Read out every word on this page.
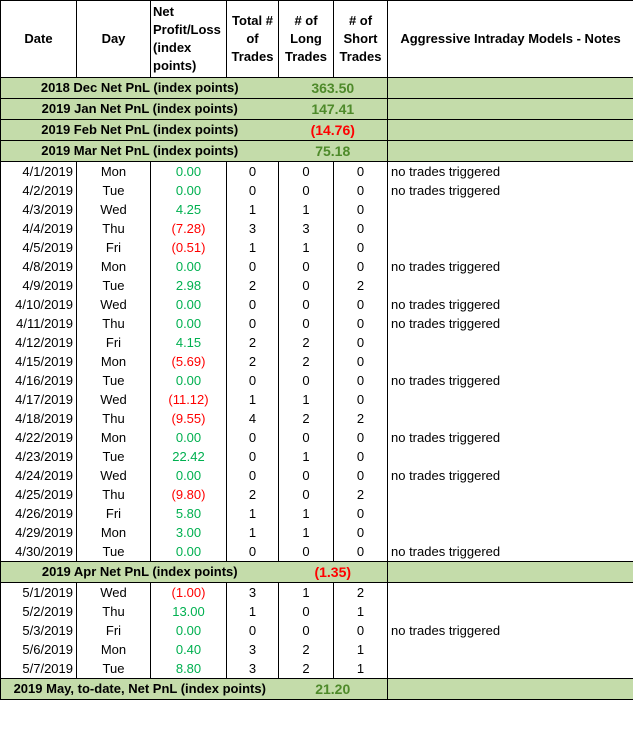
Date	Day	Net Profit/Loss (index points)	Total # of Trades	# of Long Trades	# of Short Trades	Aggressive Intraday Models - Notes
2018 Dec Net PnL (index points)				363.50		
2019 Jan Net PnL (index points)				147.41		
2019 Feb Net PnL (index points)				(14.76)		
2019 Mar Net PnL (index points)				75.18		
4/1/2019	Mon	0.00	0	0	0	no trades triggered
4/2/2019	Tue	0.00	0	0	0	no trades triggered
4/3/2019	Wed	4.25	1	1	0	
4/4/2019	Thu	(7.28)	3	3	0	
4/5/2019	Fri	(0.51)	1	1	0	
4/8/2019	Mon	0.00	0	0	0	no trades triggered
4/9/2019	Tue	2.98	2	0	2	
4/10/2019	Wed	0.00	0	0	0	no trades triggered
4/11/2019	Thu	0.00	0	0	0	no trades triggered
4/12/2019	Fri	4.15	2	2	0	
4/15/2019	Mon	(5.69)	2	2	0	
4/16/2019	Tue	0.00	0	0	0	no trades triggered
4/17/2019	Wed	(11.12)	1	1	0	
4/18/2019	Thu	(9.55)	4	2	2	
4/22/2019	Mon	0.00	0	0	0	no trades triggered
4/23/2019	Tue	22.42	0	1	0	
4/24/2019	Wed	0.00	0	0	0	no trades triggered
4/25/2019	Thu	(9.80)	2	0	2	
4/26/2019	Fri	5.80	1	1	0	
4/29/2019	Mon	3.00	1	1	0	
4/30/2019	Tue	0.00	0	0	0	no trades triggered
2019 Apr Net PnL (index points)				(1.35)		
5/1/2019	Wed	(1.00)	3	1	2	
5/2/2019	Thu	13.00	1	0	1	
5/3/2019	Fri	0.00	0	0	0	no trades triggered
5/6/2019	Mon	0.40	3	2	1	
5/7/2019	Tue	8.80	3	2	1	
2019 May, to-date, Net PnL (index points)				21.20		
